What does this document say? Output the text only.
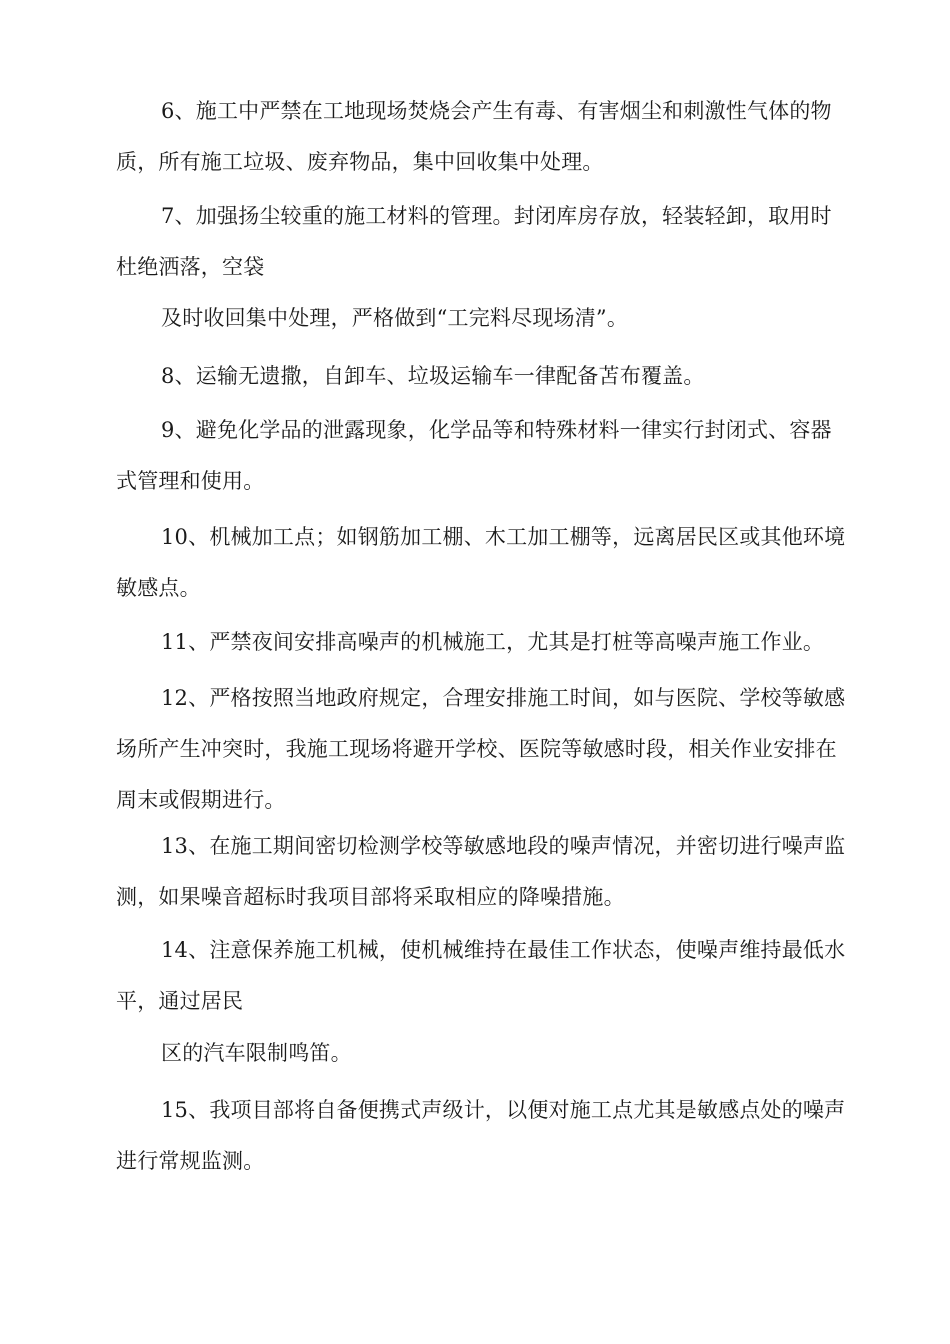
6、施工中严禁在工地现场焚烧会产生有毒、有害烟尘和刺激性气体的物质，所有施工垃圾、废弃物品，集中回收集中处理。

7、加强扬尘较重的施工材料的管理。封闭库房存放，轻装轻卸，取用时杜绝洒落，空袋

及时收回集中处理，严格做到“工完料尽现场清”。

8、运输无遗撒，自卸车、垃圾运输车一律配备苫布覆盖。

9、避免化学品的泄露现象，化学品等和特殊材料一律实行封闭式、容器式管理和使用。

10、机械加工点；如钢筋加工棚、木工加工棚等，远离居民区或其他环境敏感点。

11、严禁夜间安排高噪声的机械施工，尤其是打桩等高噪声施工作业。

12、严格按照当地政府规定，合理安排施工时间，如与医院、学校等敏感场所产生冲突时，我施工现场将避开学校、医院等敏感时段，相关作业安排在周末或假期进行。

13、在施工期间密切检测学校等敏感地段的噪声情况，并密切进行噪声监测，如果噪音超标时我项目部将采取相应的降噪措施。

14、注意保养施工机械，使机械维持在最佳工作状态，使噪声维持最低水平，通过居民

区的汽车限制鸣笛。

15、我项目部将自备便携式声级计，以便对施工点尤其是敏感点处的噪声进行常规监测。
